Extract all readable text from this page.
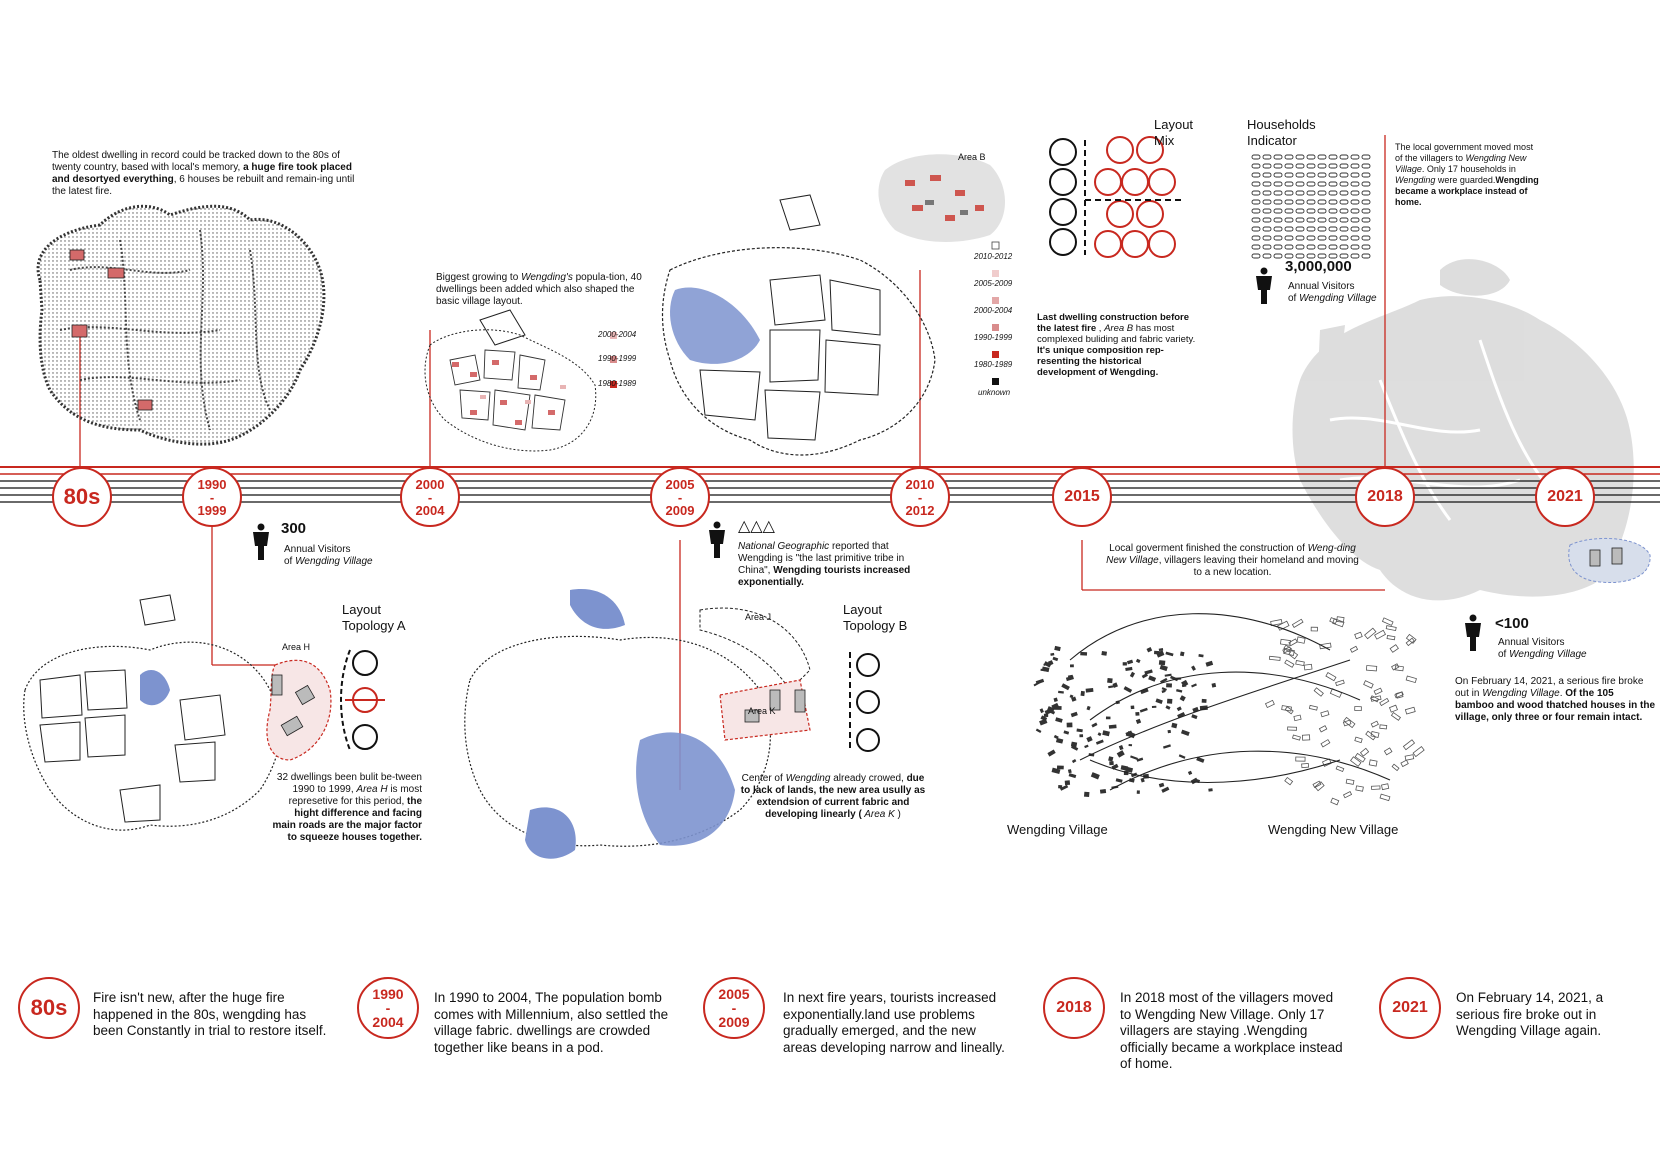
80s	1990
-
1999
2000
-
2004
2005
-
2009
2010
-
2012
2015	2018	2021
The oldest dwelling in record could be tracked down to the 80s of twenty country, based with local's memory, a huge fire took placed and desortyed everything, 6 houses be rebuilt and remain-ing until the latest fire.
Biggest growing to Wengding's popula-tion, 40 dwellings been added which also shaped the basic village layout.
2000-2004
1990-1999
1980-1989
Area B
2010-2012
2005-2009
2000-2004
1990-1999
1980-1989
unknown
Last dwelling construction before the latest fire , Area B has most complexed buliding and fabric variety. It's unique composition rep-resenting the historical development of Wengding.
Layout
Mix
Households
Indicator	The local government moved most of the villagers to Wengding New Village. Only 17 households in Wengding were guarded.Wengding became a workplace instead of home.
3,000,000
Annual Visitors
of Wengding Village
300
Annual Visitors
of Wengding Village
△△△
National Geographic reported that Wengding is "the last primitive tribe in China", Wengding tourists increased exponentially.
Local goverment finished the construction of Weng-ding New Village, villagers leaving their homeland and moving to a new location.
<100
Annual Visitors
of Wengding Village
On February 14, 2021, a serious fire broke out in Wengding Village. Of the 105 bamboo and wood thatched houses in the village, only three or four remain intact.
Layout
Topology A
Area H
32 dwellings been bulit be-tween 1990 to 1999, Area H is most represetive for this period, the hight difference and facing main roads are the major factor to squeeze houses together.
Layout
Topology B
Area J
Area K
Center of Wengding already crowed, due to lack of lands, the new area usully as extendsion of current fabric and developing linearly ( Area K )
Wengding Village	Wengding New Village
80s Fire isn't new, after the huge fire happened in the 80s, wengding has been Constantly in trial to restore itself.
1990
-
2004
In 1990 to 2004, The population bomb comes with Millennium, also settled the village fabric. dwellings are crowded together like beans in a pod.
2005
-
2009
In next fire years, tourists increased exponentially.land use problems gradually emerged, and the new areas developing narrow and lineally.
2018
In 2018 most of the villagers moved to Wengding New Village. Only 17 villagers are staying .Wengding officially became a workplace instead of home.
2021
On February 14, 2021, a serious fire broke out in Wengding Village again.
